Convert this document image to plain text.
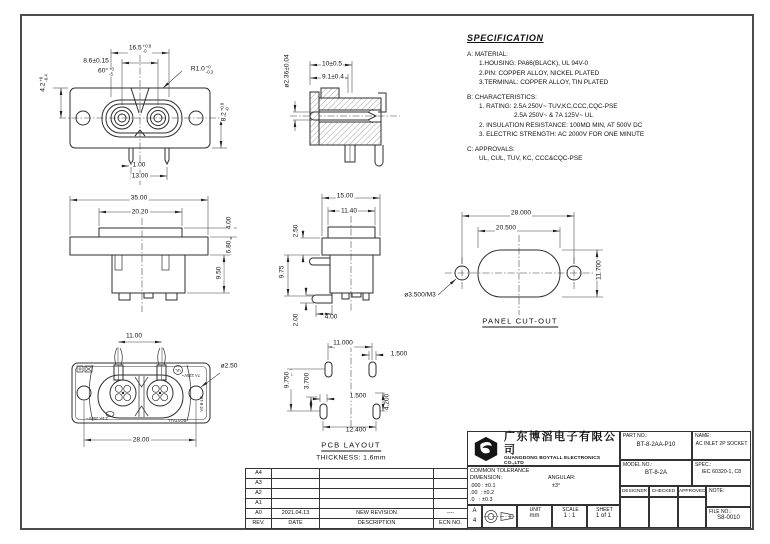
16.5 +0.8
-0
8.6±0.15
60° +0
-5
R1.0 +0
-0.3
4.2
+0 -0.4
8.2
+0.8 -0
1.00
13.00
10±0.5
9.1±0.4
ø2.36±0.04
35.00
20.20
4.00
6.80
9.50
15.00
11.40
2.50
9.75
2.00	4.00
28.000
20.500
11.700
ø3.500/M3
PANEL CUT-OUT
11.00
ø2.50
28.00
2.5A 250V~	BOYTALL
BT-8-2A
7A 125V~
UL
11.000
1.500
9.750 3.700
1.500	4.200
12.400
PCB LAYOUT
THICKNESS: 1.6mm
SPECIFICATION
A: MATERIAL:
1.HOUSING: PA66(BLACK), UL 94V-0
2.PIN: COPPER ALLOY, NICKEL PLATED
3.TERMINAL: COPPER ALLOY, TIN PLATED
B: CHARACTERISTICS:
1. RATING: 2.5A 250V~ TUV,KC,CCC,CQC-PSE
2.5A 250V~ & 7A 125V~ UL
2. INSULATION RESISTANCE: 100MΩ MIN, AT 500V DC
3. ELECTRIC STRENGTH: AC 2000V FOR ONE MINUTE
C: APPROVALS:
UL, CUL, TUV, KC, CCC&CQC-PSE
A4			
A3			
A2			
A1			
A0	2021.04.13	NEW REVISION	----
REV.	DATE	DESCRIPTION	ECN NO.
广东博滔电子有限公司
GUANGDONG BOYTALL ELECTRONICS CO.,LTD
COMMON TOLERANCE
DIMENSION:	ANGULAR:
.000 : ±0.1	±3°
.00  : ±0.2
.0   : ±0.3
A
4
UNIT
mm
SCALE
1 : 1
SHEET
1 of 1
PART NO.:
BT-8-2AA-P10
NAME:
AC INLET 2P SOCKET
MODEL NO.:
BT-8-2A
SPEC.:
IEC 60320-1, C8
DESIGNER CHECKED APPROVED NOTE:
FILE NO.:
S8-0010
